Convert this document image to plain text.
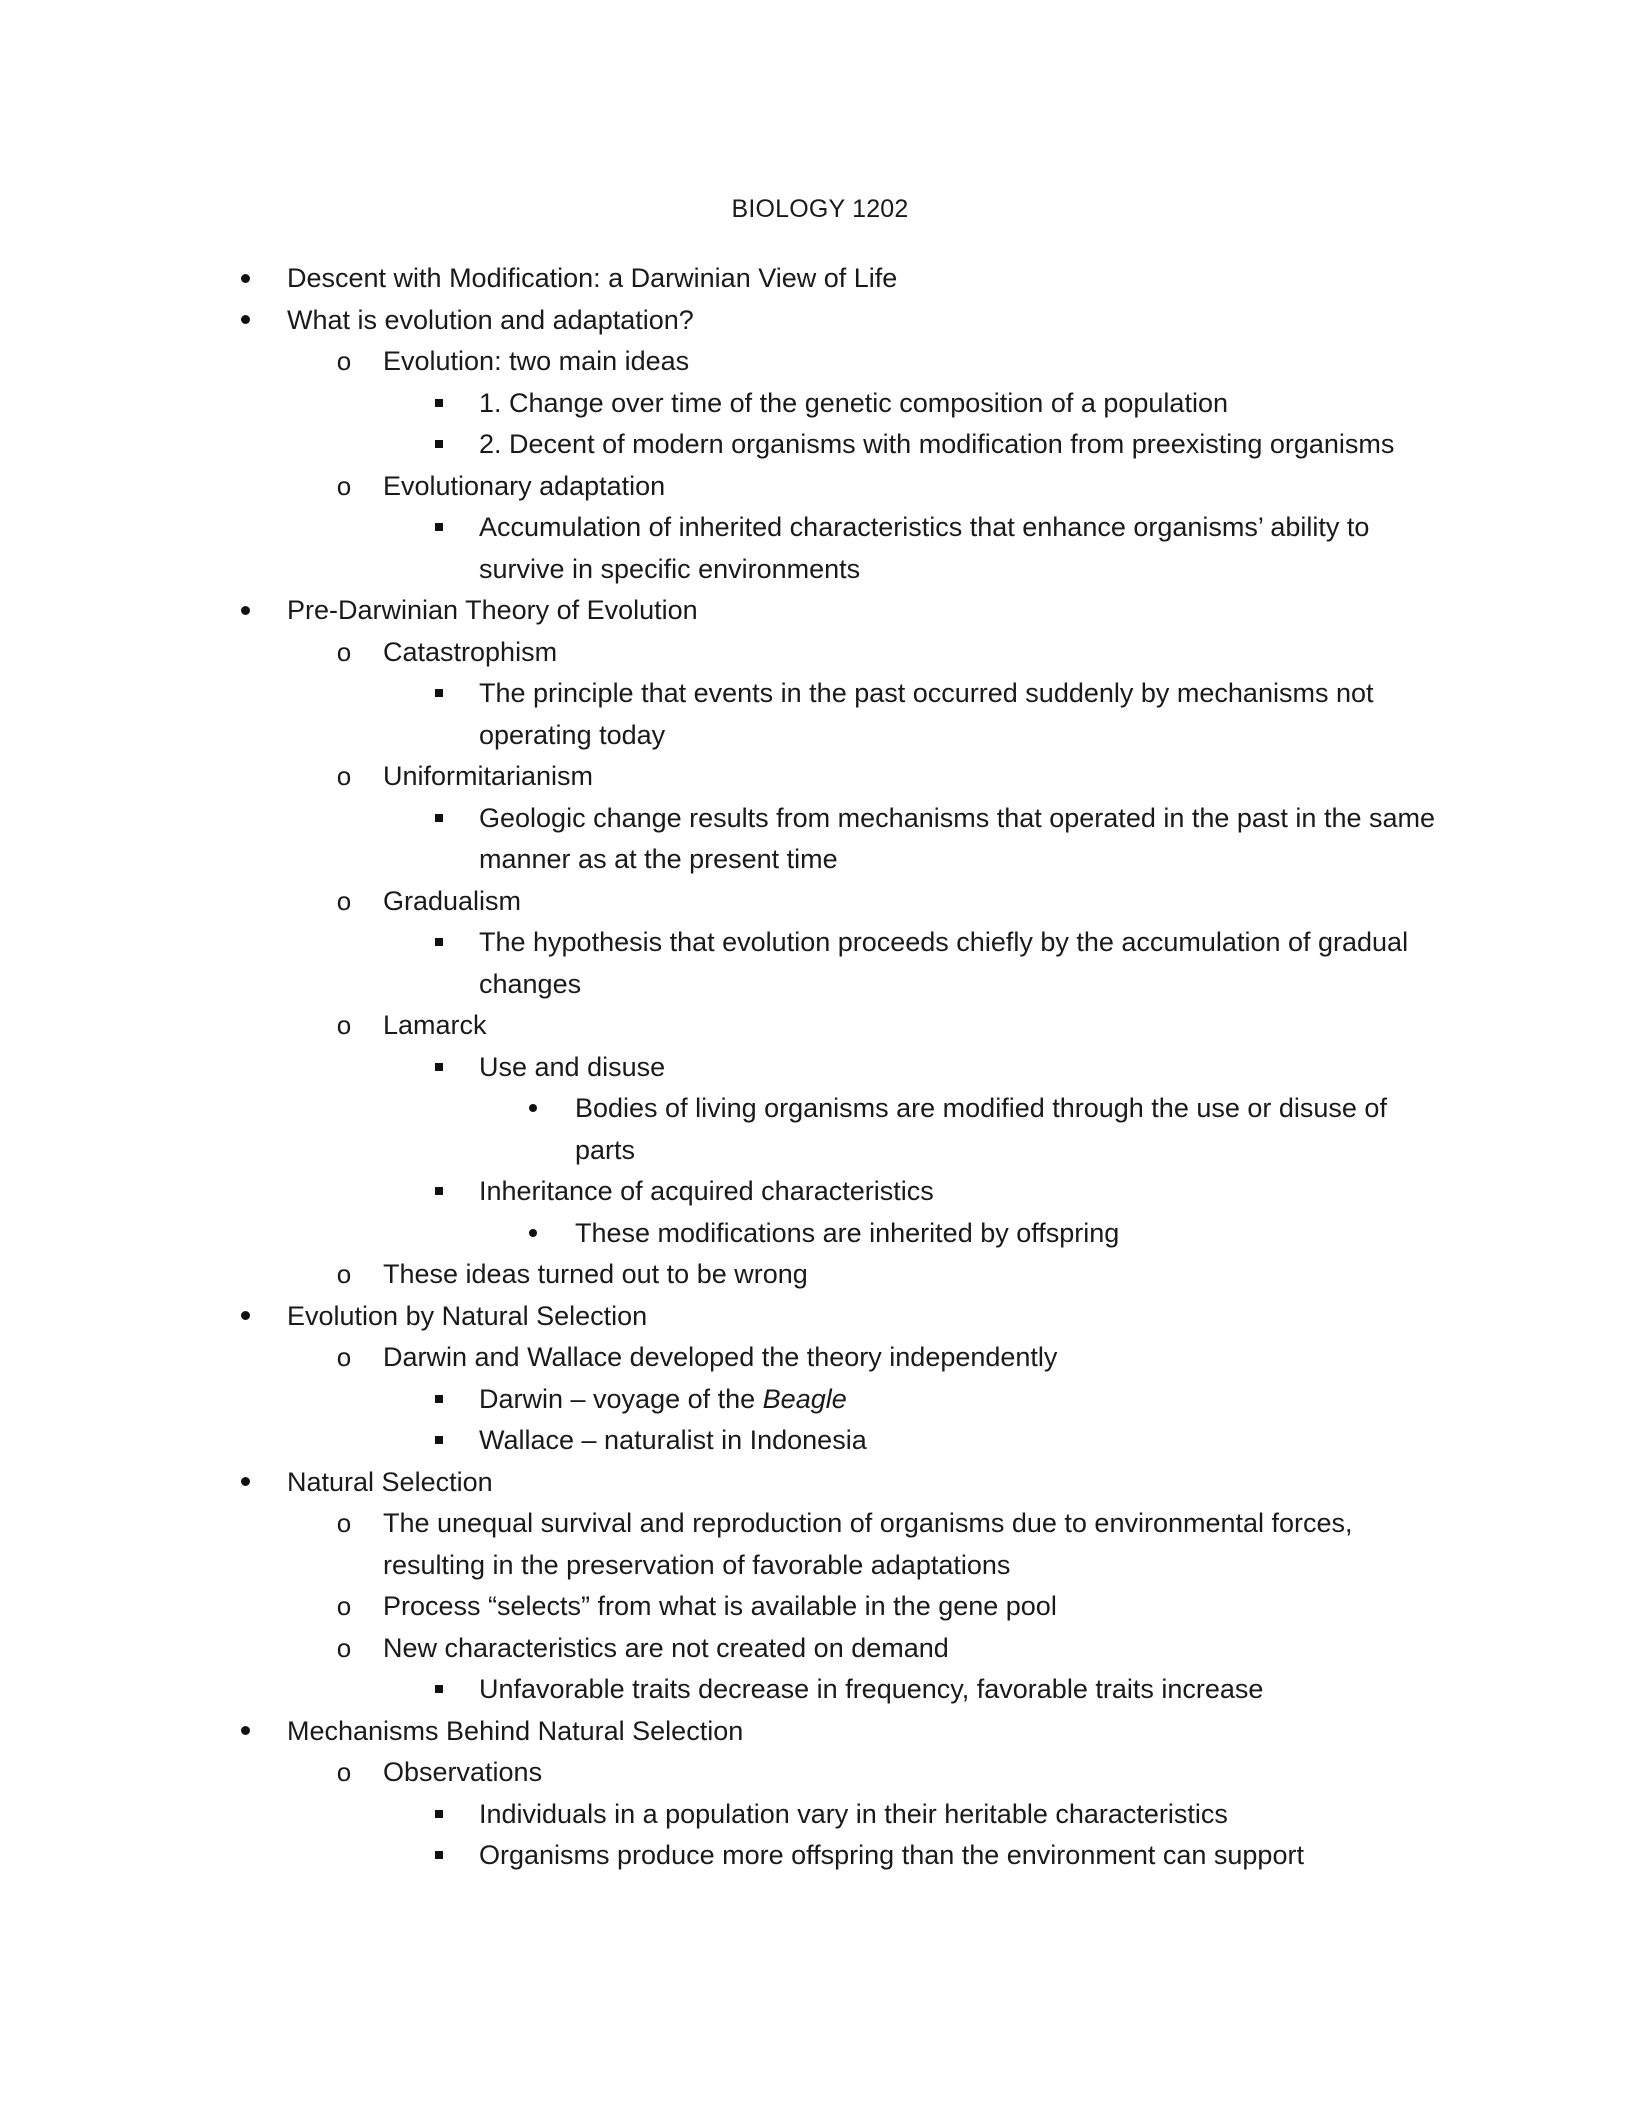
BIOLOGY 1202
Descent with Modification: a Darwinian View of Life
What is evolution and adaptation?
o Evolution: two main ideas
1. Change over time of the genetic composition of a population
2. Decent of modern organisms with modification from preexisting organisms
o Evolutionary adaptation
Accumulation of inherited characteristics that enhance organisms’ ability to survive in specific environments
Pre-Darwinian Theory of Evolution
o Catastrophism
The principle that events in the past occurred suddenly by mechanisms not operating today
o Uniformitarianism
Geologic change results from mechanisms that operated in the past in the same manner as at the present time
o Gradualism
The hypothesis that evolution proceeds chiefly by the accumulation of gradual changes
o Lamarck
Use and disuse
Bodies of living organisms are modified through the use or disuse of parts
Inheritance of acquired characteristics
These modifications are inherited by offspring
o These ideas turned out to be wrong
Evolution by Natural Selection
o Darwin and Wallace developed the theory independently
Darwin – voyage of the Beagle
Wallace – naturalist in Indonesia
Natural Selection
o The unequal survival and reproduction of organisms due to environmental forces, resulting in the preservation of favorable adaptations
o Process “selects” from what is available in the gene pool
o New characteristics are not created on demand
Unfavorable traits decrease in frequency, favorable traits increase
Mechanisms Behind Natural Selection
o Observations
Individuals in a population vary in their heritable characteristics
Organisms produce more offspring than the environment can support
